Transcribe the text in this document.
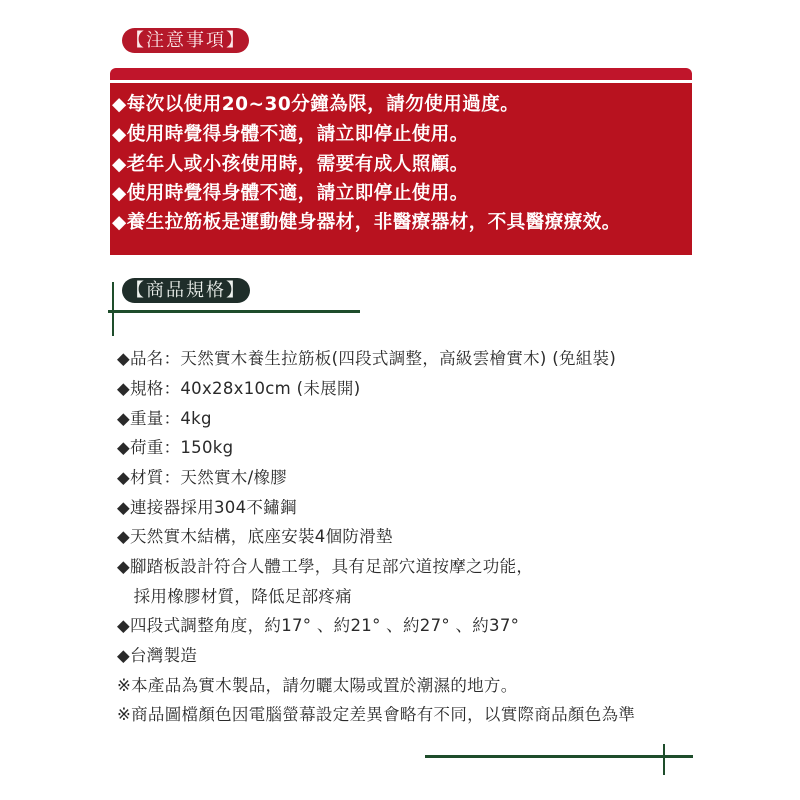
【注意事項】
◆每次以使用20~30分鐘為限，請勿使用過度。
◆使用時覺得身體不適，請立即停止使用。
◆老年人或小孩使用時，需要有成人照顧。
◆使用時覺得身體不適，請立即停止使用。
◆養生拉筋板是運動健身器材，非醫療器材，不具醫療療效。
【商品規格】
◆品名：天然實木養生拉筋板(四段式調整，高級雲檜實木) (免組裝)
◆規格：40x28x10cm (未展開)
◆重量：4kg
◆荷重：150kg
◆材質：天然實木/橡膠
◆連接器採用304不鏽鋼
◆天然實木結構，底座安裝4個防滑墊
◆腳踏板設計符合人體工學，具有足部穴道按摩之功能，
採用橡膠材質，降低足部疼痛
◆四段式調整角度，約17° 、約21° 、約27° 、約37°
◆台灣製造
※本產品為實木製品，請勿曬太陽或置於潮濕的地方。
※商品圖檔顏色因電腦螢幕設定差異會略有不同，以實際商品顏色為準
